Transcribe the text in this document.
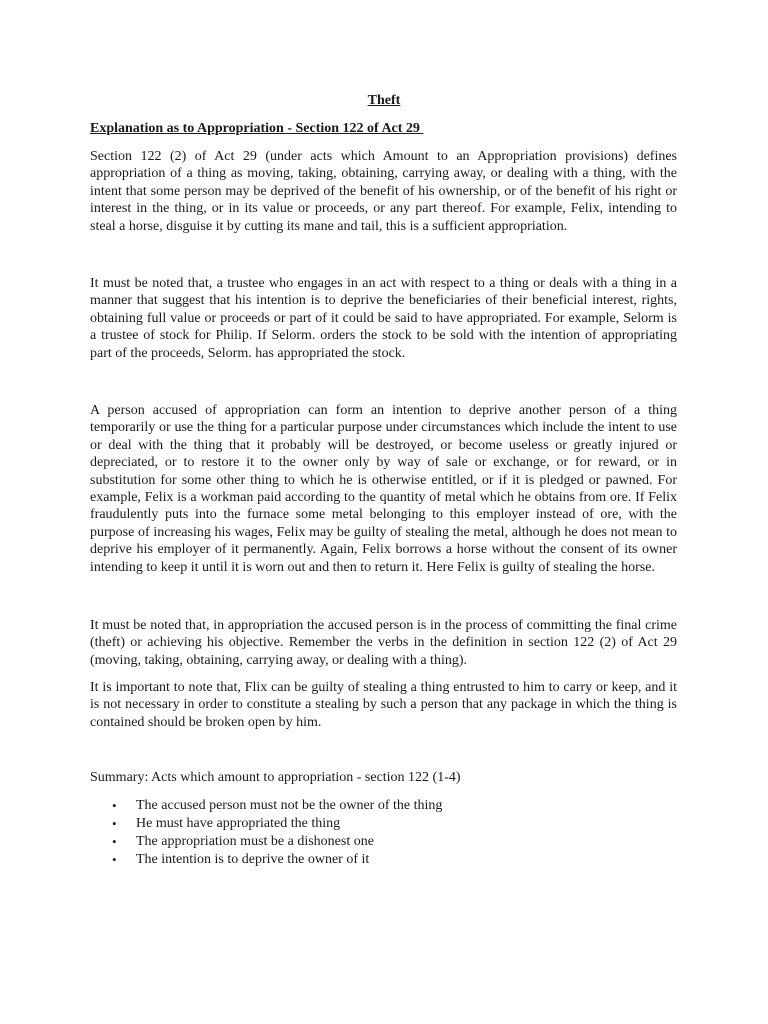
Theft
Explanation as to Appropriation - Section 122 of Act 29

Section 122 (2) of Act 29 (under acts which Amount to an Appropriation provisions) defines appropriation of a thing as moving, taking, obtaining, carrying away, or dealing with a thing, with the intent that some person may be deprived of the benefit of his ownership, or of the benefit of his right or interest in the thing, or in its value or proceeds, or any part thereof. For example, Felix, intending to steal a horse, disguise it by cutting its mane and tail, this is a sufficient appropriation.

It must be noted that, a trustee who engages in an act with respect to a thing or deals with a thing in a manner that suggest that his intention is to deprive the beneficiaries of their beneficial interest, rights, obtaining full value or proceeds or part of it could be said to have appropriated. For example, Selorm is a trustee of stock for Philip. If Selorm. orders the stock to be sold with the intention of appropriating part of the proceeds, Selorm. has appropriated the stock.

A person accused of appropriation can form an intention to deprive another person of a thing temporarily or use the thing for a particular purpose under circumstances which include the intent to use or deal with the thing that it probably will be destroyed, or become useless or greatly injured or depreciated, or to restore it to the owner only by way of sale or exchange, or for reward, or in substitution for some other thing to which he is otherwise entitled, or if it is pledged or pawned. For example, Felix is a workman paid according to the quantity of metal which he obtains from ore. If Felix fraudulently puts into the furnace some metal belonging to this employer instead of ore, with the purpose of increasing his wages, Felix may be guilty of stealing the metal, although he does not mean to deprive his employer of it permanently. Again, Felix borrows a horse without the consent of its owner intending to keep it until it is worn out and then to return it. Here Felix is guilty of stealing the horse.

It must be noted that, in appropriation the accused person is in the process of committing the final crime (theft) or achieving his objective. Remember the verbs in the definition in section 122 (2) of Act 29 (moving, taking, obtaining, carrying away, or dealing with a thing).

It is important to note that, Flix can be guilty of stealing a thing entrusted to him to carry or keep, and it is not necessary in order to constitute a stealing by such a person that any package in which the thing is contained should be broken open by him.

Summary: Acts which amount to appropriation - section 122 (1-4)

• The accused person must not be the owner of the thing
• He must have appropriated the thing
• The appropriation must be a dishonest one
• The intention is to deprive the owner of it
